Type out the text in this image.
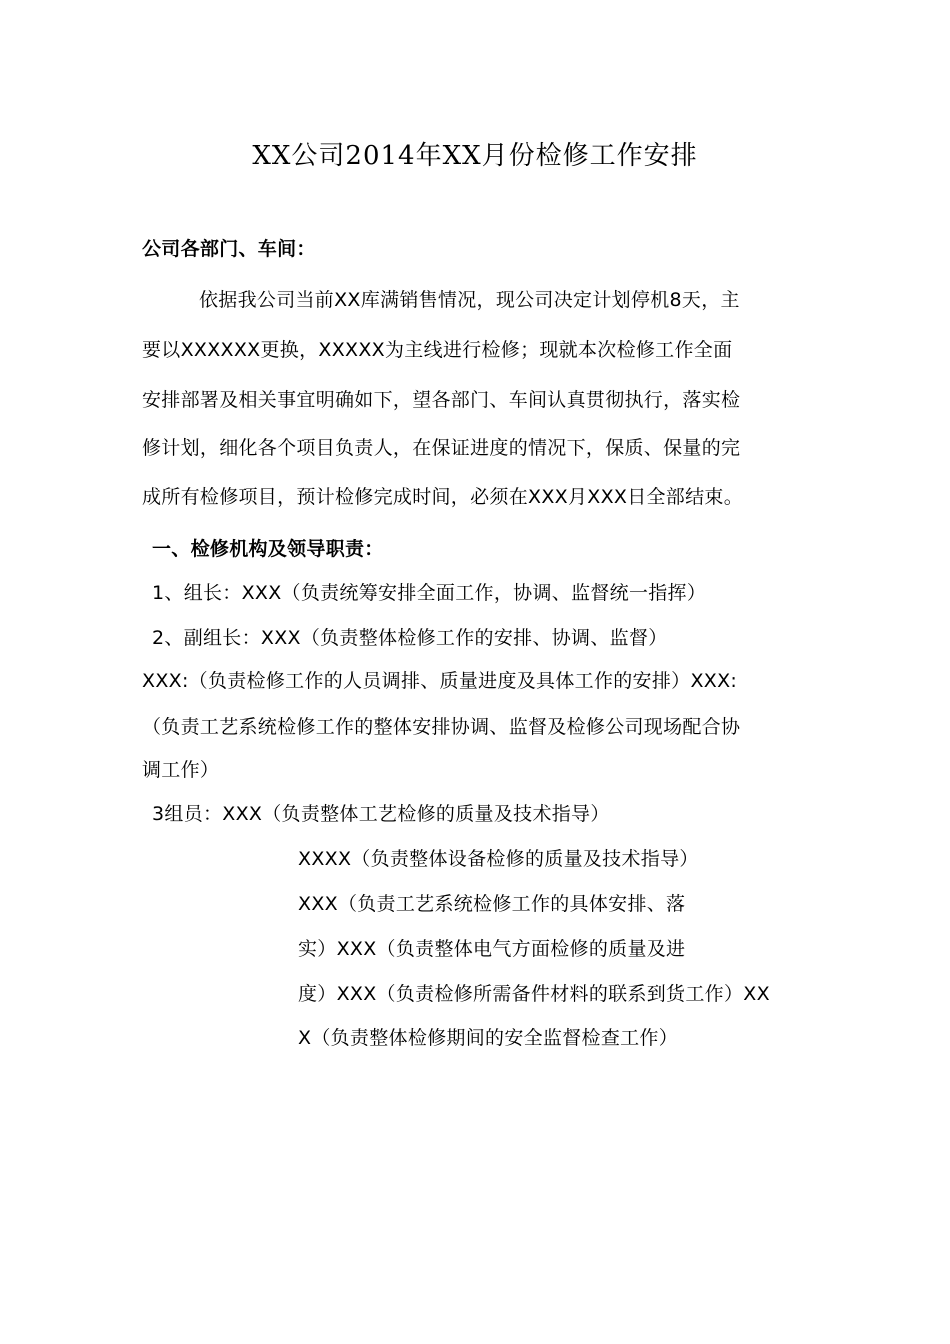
XX公司2014年XX月份检修工作安排
公司各部门、车间：
依据我公司当前XX库满销售情况，现公司决定计划停机8天，主
要以XXXXXX更换，XXXXX为主线进行检修；现就本次检修工作全面
安排部署及相关事宜明确如下，望各部门、车间认真贯彻执行，落实检
修计划，细化各个项目负责人，在保证进度的情况下，保质、保量的完
成所有检修项目，预计检修完成时间，必须在XXX月XXX日全部结束。
一、检修机构及领导职责：
1、组长：XXX（负责统筹安排全面工作，协调、监督统一指挥）
2、副组长：XXX（负责整体检修工作的安排、协调、监督）
XXX:（负责检修工作的人员调排、质量进度及具体工作的安排）XXX:
（负责工艺系统检修工作的整体安排协调、监督及检修公司现场配合协
调工作）
3组员：XXX（负责整体工艺检修的质量及技术指导）
XXXX（负责整体设备检修的质量及技术指导）
XXX（负责工艺系统检修工作的具体安排、落
实）XXX（负责整体电气方面检修的质量及进
度）XXX（负责检修所需备件材料的联系到货工作）XX
X（负责整体检修期间的安全监督检查工作）
